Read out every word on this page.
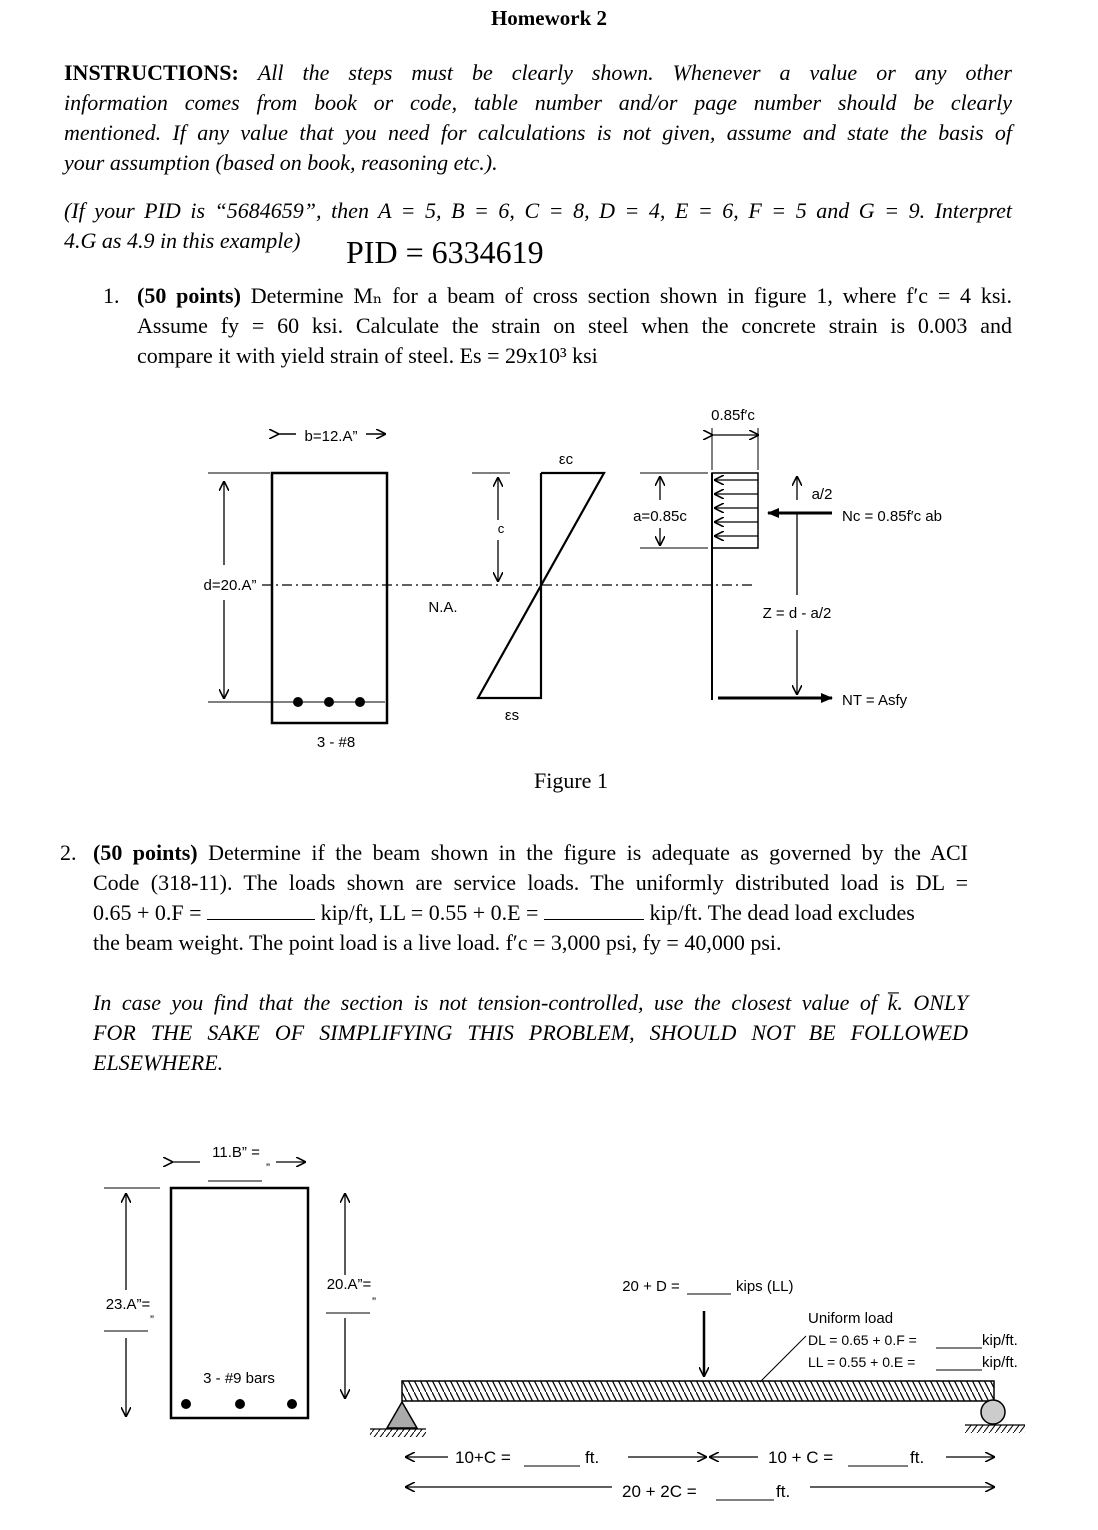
Homework 2
INSTRUCTIONS: All the steps must be clearly shown. Whenever a value or any other
information comes from book or code, table number and/or page number should be clearly
mentioned. If any value that you need for calculations is not given, assume and state the basis of
your assumption (based on book, reasoning etc.).
(If your PID is “5684659”, then A = 5, B = 6, C = 8, D = 4, E = 6, F = 5 and G = 9. Interpret
4.G as 4.9 in this example) PID = 6334619
1. (50 points) Determine Mₙ for a beam of cross section shown in figure 1, where f′c = 4 ksi.
Assume fy = 60 ksi. Calculate the strain on steel when the concrete strain is 0.003 and
compare it with yield strain of steel. Es = 29x10³ ksi
b=12.A”
3 - #8
d=20.A”
N.A.
c
εc
εs
0.85f′c
a=0.85c
a/2
Nc = 0.85f′c ab
Z = d - a/2
NT = Asfy
Figure 1
2. (50 points) Determine if the beam shown in the figure is adequate as governed by the ACI
Code (318-11). The loads shown are service loads. The uniformly distributed load is DL =
0.65 + 0.F =	kip/ft, LL = 0.55 + 0.E =	kip/ft. The dead load excludes
the beam weight. The point load is a live load. f′c = 3,000 psi, fy = 40,000 psi.
In case you find that the section is not tension-controlled, use the closest value of k̅. ONLY
FOR THE SAKE OF SIMPLIFYING THIS PROBLEM, SHOULD NOT BE FOLLOWED
ELSEWHERE.
11.B” =
”
3 - #9 bars
23.A”=
”
20.A”=
”
20 + D =	kips (LL)
Uniform load
DL = 0.65 + 0.F =	kip/ft.
LL = 0.55 + 0.E =	kip/ft.
10+C =	ft.	10 + C =	ft.
20 + 2C =	ft.
